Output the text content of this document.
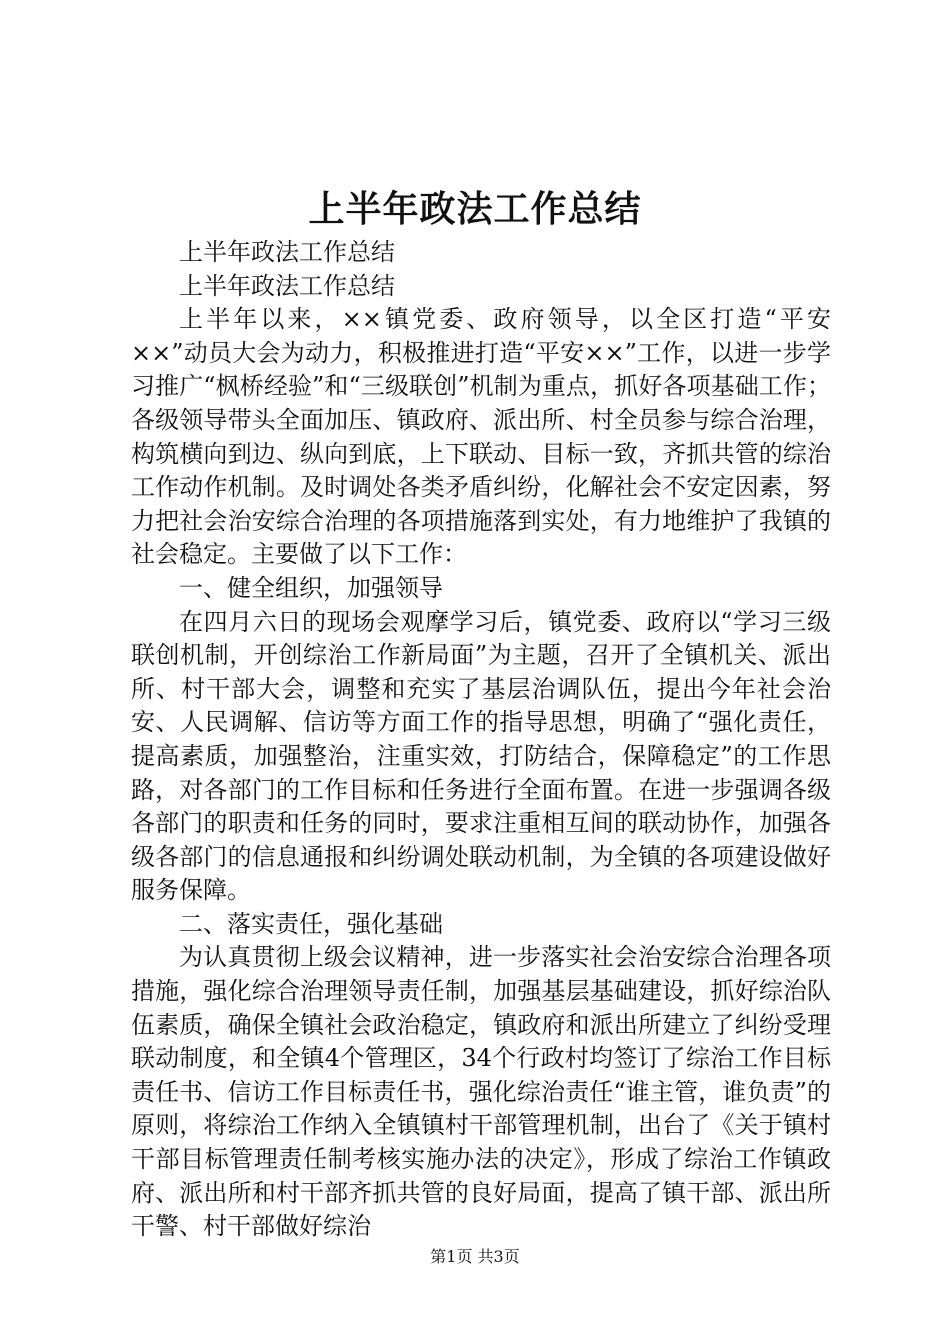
上半年政法工作总结

上半年政法工作总结

上半年政法工作总结

上半年以来，××镇党委、政府领导，以全区打造“平安××”动员大会为动力，积极推进打造“平安××”工作，以进一步学习推广“枫桥经验”和“三级联创”机制为重点，抓好各项基础工作；各级领导带头全面加压、镇政府、派出所、村全员参与综合治理，构筑横向到边、纵向到底，上下联动、目标一致，齐抓共管的综治工作动作机制。及时调处各类矛盾纠纷，化解社会不安定因素，努力把社会治安综合治理的各项措施落到实处，有力地维护了我镇的社会稳定。主要做了以下工作：

一、健全组织，加强领导

在四月六日的现场会观摩学习后，镇党委、政府以“学习三级联创机制，开创综治工作新局面”为主题，召开了全镇机关、派出所、村干部大会，调整和充实了基层治调队伍，提出今年社会治安、人民调解、信访等方面工作的指导思想，明确了“强化责任，提高素质，加强整治，注重实效，打防结合，保障稳定”的工作思路，对各部门的工作目标和任务进行全面布置。在进一步强调各级各部门的职责和任务的同时，要求注重相互间的联动协作，加强各级各部门的信息通报和纠纷调处联动机制，为全镇的各项建设做好服务保障。

二、落实责任，强化基础

为认真贯彻上级会议精神，进一步落实社会治安综合治理各项措施，强化综合治理领导责任制，加强基层基础建设，抓好综治队伍素质，确保全镇社会政治稳定，镇政府和派出所建立了纠纷受理联动制度，和全镇4个管理区，34个行政村均签订了综治工作目标责任书、信访工作目标责任书，强化综治责任“谁主管，谁负责”的原则，将综治工作纳入全镇镇村干部管理机制，出台了《关于镇村干部目标管理责任制考核实施办法的决定》，形成了综治工作镇政府、派出所和村干部齐抓共管的良好局面，提高了镇干部、派出所干警、村干部做好综治

第1页 共3页
